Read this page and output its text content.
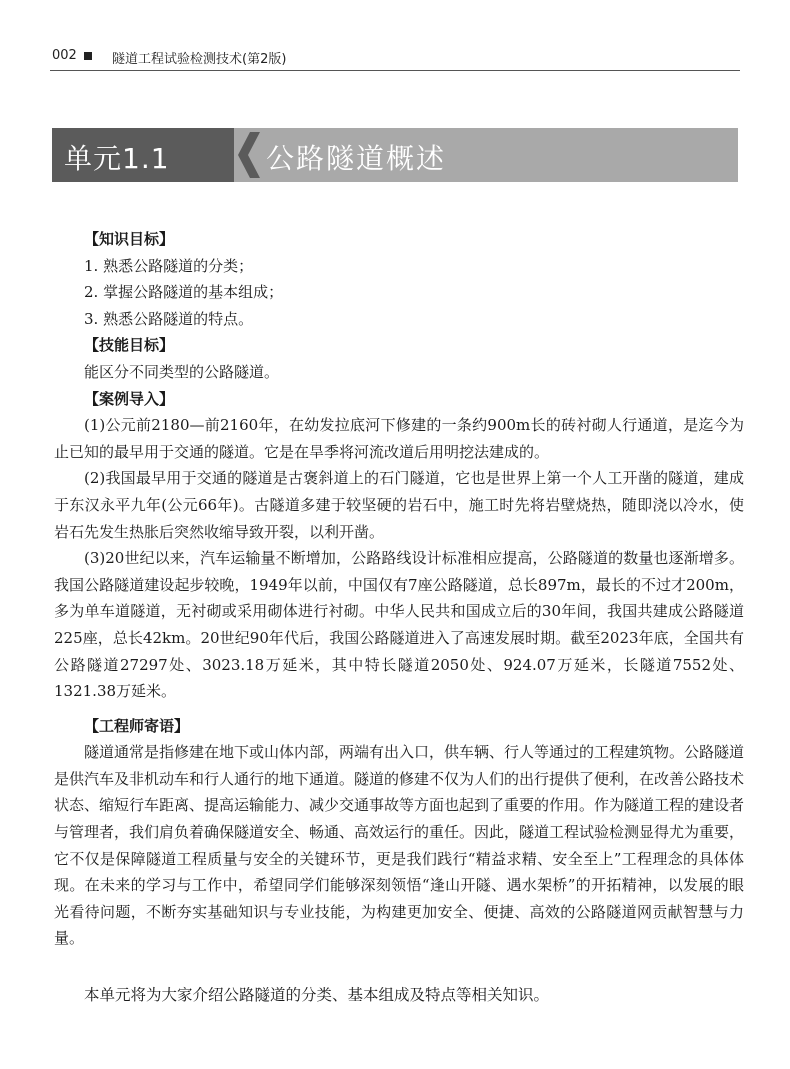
002	隧道工程试验检测技术(第2版)
单元1.1	公路隧道概述
【知识目标】
1. 熟悉公路隧道的分类；
2. 掌握公路隧道的基本组成；
3. 熟悉公路隧道的特点。
【技能目标】
能区分不同类型的公路隧道。
【案例导入】

(1)公元前2180—前2160年，在幼发拉底河下修建的一条约900m长的砖衬砌人行通道，是迄今为止已知的最早用于交通的隧道。它是在旱季将河流改道后用明挖法建成的。

(2)我国最早用于交通的隧道是古褒斜道上的石门隧道，它也是世界上第一个人工开凿的隧道，建成于东汉永平九年(公元66年)。古隧道多建于较坚硬的岩石中，施工时先将岩壁烧热，随即浇以冷水，使岩石先发生热胀后突然收缩导致开裂，以利开凿。

(3)20世纪以来，汽车运输量不断增加，公路路线设计标准相应提高，公路隧道的数量也逐渐增多。我国公路隧道建设起步较晚，1949年以前，中国仅有7座公路隧道，总长897m，最长的不过才200m，多为单车道隧道，无衬砌或采用砌体进行衬砌。中华人民共和国成立后的30年间，我国共建成公路隧道225座，总长42km。20世纪90年代后，我国公路隧道进入了高速发展时期。截至2023年底，全国共有公路隧道27297处、3023.18万延米，其中特长隧道2050处、924.07万延米，长隧道7552处、1321.38万延米。

【工程师寄语】

隧道通常是指修建在地下或山体内部，两端有出入口，供车辆、行人等通过的工程建筑物。公路隧道是供汽车及非机动车和行人通行的地下通道。隧道的修建不仅为人们的出行提供了便利，在改善公路技术状态、缩短行车距离、提高运输能力、减少交通事故等方面也起到了重要的作用。作为隧道工程的建设者与管理者，我们肩负着确保隧道安全、畅通、高效运行的重任。因此，隧道工程试验检测显得尤为重要，它不仅是保障隧道工程质量与安全的关键环节，更是我们践行“精益求精、安全至上”工程理念的具体体现。在未来的学习与工作中，希望同学们能够深刻领悟“逢山开隧、遇水架桥”的开拓精神，以发展的眼光看待问题，不断夯实基础知识与专业技能，为构建更加安全、便捷、高效的公路隧道网贡献智慧与力量。

本单元将为大家介绍公路隧道的分类、基本组成及特点等相关知识。
